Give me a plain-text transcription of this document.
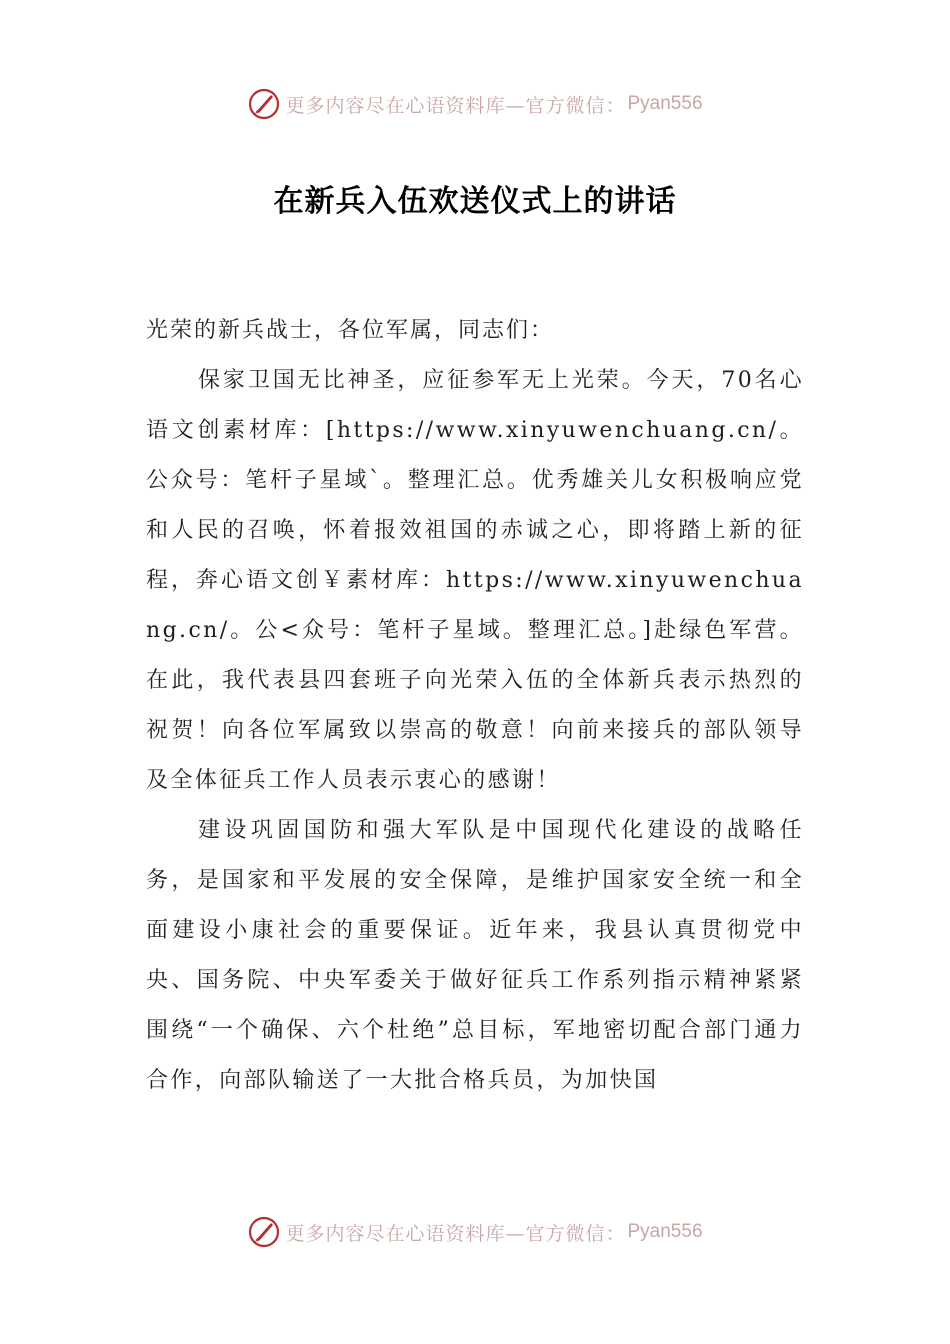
更多内容尽在心语资料库—官方微信： Pyan556
在新兵入伍欢送仪式上的讲话

光荣的新兵战士，各位军属，同志们：

保家卫国无比神圣，应征参军无上光荣。今天，70名心语文创素材库：[https://www.xinyuwenchuang.cn/。公众号：笔杆子星域`。整理汇总。优秀雄关儿女积极响应党和人民的召唤，怀着报效祖国的赤诚之心，即将踏上新的征程，奔心语文创￥素材库：https://www.xinyuwenchuang.cn/。公<众号：笔杆子星域。整理汇总。]赴绿色军营。在此，我代表县四套班子向光荣入伍的全体新兵表示热烈的祝贺！向各位军属致以崇高的敬意！向前来接兵的部队领导及全体征兵工作人员表示衷心的感谢！

建设巩固国防和强大军队是中国现代化建设的战略任务，是国家和平发展的安全保障，是维护国家安全统一和全面建设小康社会的重要保证。近年来，我县认真贯彻党中央、国务院、中央军委关于做好征兵工作系列指示精神紧紧围绕“一个确保、六个杜绝”总目标，军地密切配合部门通力合作，向部队输送了一大批合格兵员，为加快国

更多内容尽在心语资料库—官方微信： Pyan556
